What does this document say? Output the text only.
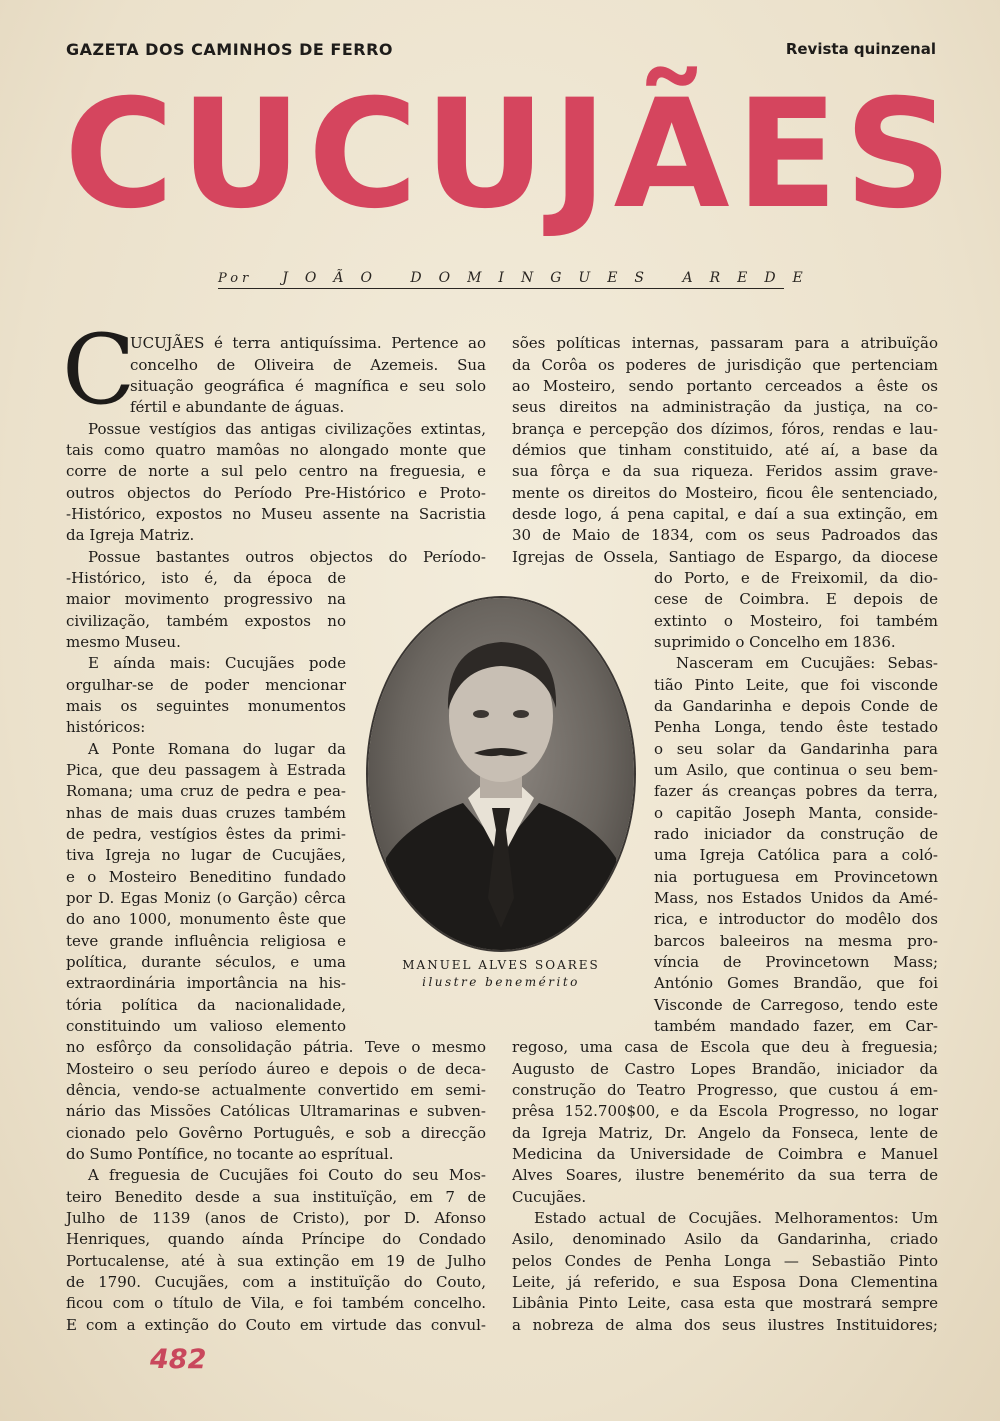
GAZETA DOS CAMINHOS DE FERRO	Revista quinzenal
CUCUJÃES
Por JOÃO DOMINGUES AREDE
C
UCUJÃES é terra antiquíssima. Pertence ao
concelho de Oliveira de Azemeis. Sua
situação geográfica é magnífica e seu solo
fértil e abundante de águas.
Possue vestígios das antigas civilizações extintas,
tais como quatro mamôas no alongado monte que
corre de norte a sul pelo centro na freguesia, e
outros objectos do Período Pre-Histórico e Proto-
-Histórico, expostos no Museu assente na Sacristia
da Igreja Matriz.
Possue bastantes outros objectos do Período-
-Histórico, isto é, da época de
maior movimento progressivo na
civilização, também expostos no
mesmo Museu.
E aínda mais: Cucujães pode
orgulhar-se de poder mencionar
mais os seguintes monumentos
históricos:
A Ponte Romana do lugar da
Pica, que deu passagem à Estrada
Romana; uma cruz de pedra e pea-
nhas de mais duas cruzes também
de pedra, vestígios êstes da primi-
tiva Igreja no lugar de Cucujães,
e o Mosteiro Beneditino fundado
por D. Egas Moniz (o Garção) cêrca
do ano 1000, monumento êste que
teve grande influência religiosa e
política, durante séculos, e uma
extraordinária importância na his-
tória política da nacionalidade,
constituindo um valioso elemento
no esfôrço da consolidação pátria. Teve o mesmo
Mosteiro o seu período áureo e depois o de deca-
dência, vendo-se actualmente convertido em semi-
nário das Missões Católicas Ultramarinas e subven-
cionado pelo Govêrno Português, e sob a direcção
do Sumo Pontífice, no tocante ao esprítual.
A freguesia de Cucujães foi Couto do seu Mos-
teiro Benedito desde a sua instituïção, em 7 de
Julho de 1139 (anos de Cristo), por D. Afonso
Henriques, quando aínda Príncipe do Condado
Portucalense, até à sua extinção em 19 de Julho
de 1790. Cucujães, com a instituïção do Couto,
ficou com o título de Vila, e foi também concelho.
E com a extinção do Couto em virtude das convul-
sões políticas internas, passaram para a atribuïção
da Corôa os poderes de jurisdição que pertenciam
ao Mosteiro, sendo portanto cerceados a êste os
seus direitos na administração da justiça, na co-
brança e percepção dos dízimos, fóros, rendas e lau-
démios que tinham constituido, até aí, a base da
sua fôrça e da sua riqueza. Feridos assim grave-
mente os direitos do Mosteiro, ficou êle sentenciado,
desde logo, á pena capital, e daí a sua extinção, em
30 de Maio de 1834, com os seus Padroados das
Igrejas de Ossela, Santiago de Espargo, da diocese
do Porto, e de Freixomil, da dio-
cese de Coimbra. E depois de
extinto o Mosteiro, foi também
suprimido o Concelho em 1836.
Nasceram em Cucujães: Sebas-
tião Pinto Leite, que foi visconde
da Gandarinha e depois Conde de
Penha Longa, tendo êste testado
o seu solar da Gandarinha para
um Asilo, que continua o seu bem-
fazer ás creanças pobres da terra,
o capitão Joseph Manta, conside-
rado iniciador da construção de
uma Igreja Católica para a coló-
nia portuguesa em Provincetown
Mass, nos Estados Unidos da Amé-
rica, e introductor do modêlo dos
barcos baleeiros na mesma pro-
víncia de Provincetown Mass;
António Gomes Brandão, que foi
Visconde de Carregoso, tendo este
também mandado fazer, em Car-
regoso, uma casa de Escola que deu à freguesia;
Augusto de Castro Lopes Brandão, iniciador da
construção do Teatro Progresso, que custou á em-
prêsa 152.700$00, e da Escola Progresso, no logar
da Igreja Matriz, Dr. Angelo da Fonseca, lente de
Medicina da Universidade de Coimbra e Manuel
Alves Soares, ilustre benemérito da sua terra de
Cucujães.
Estado actual de Cocujães. Melhoramentos: Um
Asilo, denominado Asilo da Gandarinha, criado
pelos Condes de Penha Longa — Sebastião Pinto
Leite, já referido, e sua Esposa Dona Clementina
Libânia Pinto Leite, casa esta que mostrará sempre
a nobreza de alma dos seus ilustres Instituidores;
MANUEL ALVES SOARES
ilustre benemérito
482
